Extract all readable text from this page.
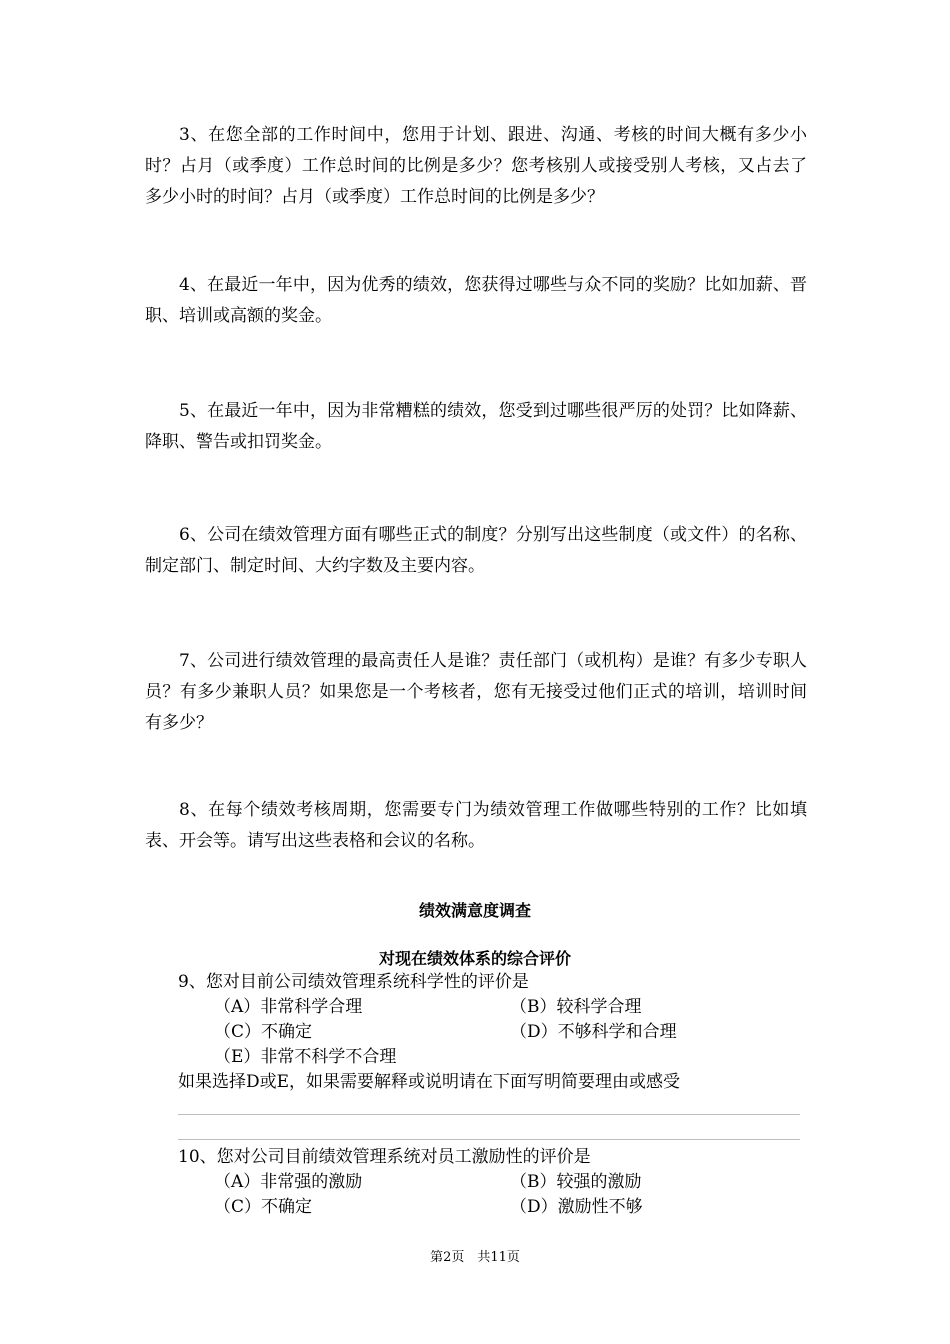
3、在您全部的工作时间中，您用于计划、跟进、沟通、考核的时间大概有多少小时？占月（或季度）工作总时间的比例是多少？您考核别人或接受别人考核，又占去了多少小时的时间？占月（或季度）工作总时间的比例是多少？

4、在最近一年中，因为优秀的绩效，您获得过哪些与众不同的奖励？比如加薪、晋职、培训或高额的奖金。

5、在最近一年中，因为非常糟糕的绩效，您受到过哪些很严厉的处罚？比如降薪、降职、警告或扣罚奖金。

6、公司在绩效管理方面有哪些正式的制度？分别写出这些制度（或文件）的名称、制定部门、制定时间、大约字数及主要内容。

7、公司进行绩效管理的最高责任人是谁？责任部门（或机构）是谁？有多少专职人员？有多少兼职人员？如果您是一个考核者，您有无接受过他们正式的培训，培训时间有多少？

8、在每个绩效考核周期，您需要专门为绩效管理工作做哪些特别的工作？比如填表、开会等。请写出这些表格和会议的名称。

绩效满意度调查

对现在绩效体系的综合评价

9、您对目前公司绩效管理系统科学性的评价是

（A）非常科学合理	（B）较科学合理

（C）不确定	（D）不够科学和合理

（E）非常不科学不合理

如果选择D或E，如果需要解释或说明请在下面写明简要理由或感受

10、您对公司目前绩效管理系统对员工激励性的评价是

（A）非常强的激励	（B）较强的激励

（C）不确定	（D）激励性不够

第2页　共11页
